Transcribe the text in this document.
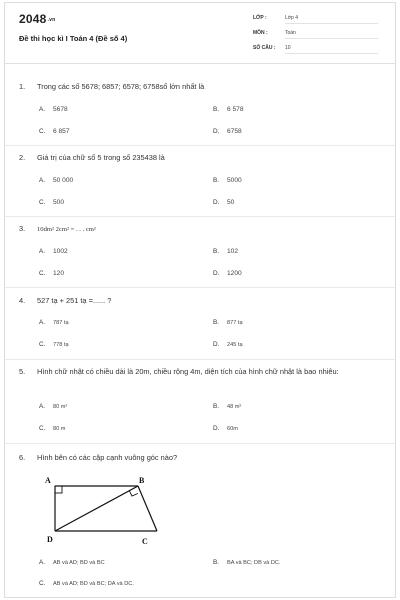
2048.vn
Đề thi học kì I Toán 4 (Đề số 4)
LỚP :	Lớp 4
MÔN :	Toán
SỐ CÂU : 10
1. Trong các số 5678; 6857; 6578; 6758số lớn nhất là
A. 5678	B. 6 578
C. 6 857	D. 6758
2. Giá trị của chữ số 5 trong số 235438 là
A. 50 000	B. 5000
C. 500	D. 50
3. 10dm² 2cm² = . . . cm²
A. 1002	B. 102
C. 120	D. 1200
4. 527 tạ + 251 tạ =...... ?
A. 787 tạ	B. 877 tạ
C. 778 tạ	D. 245 tạ
5. Hình chữ nhật có chiều dài là 20m, chiều rộng 4m, diện tích của hình chữ nhật là bao nhiêu:
A. 80 m²	B. 48 m²
C. 80 m	D. 60m
6. Hình bên có các cặp cạnh vuông góc nào?
A	B
C
D
A. AB và AD; BD và BC	B. BA và BC; DB và DC.
C. AB và AD; BD và BC; DA và DC.
